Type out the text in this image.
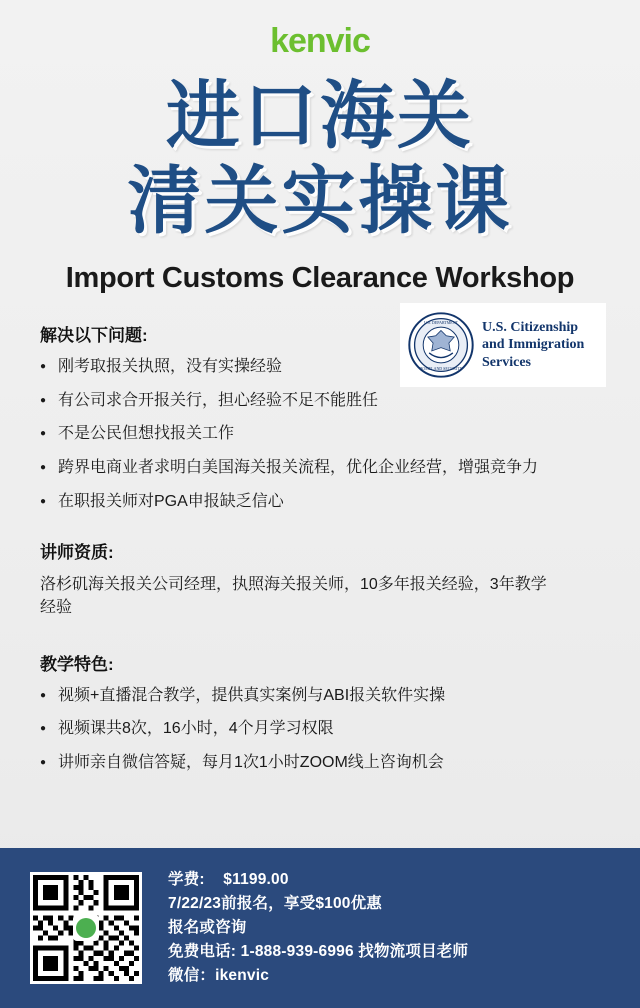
kenvic
进口海关
清关实操课
Import Customs Clearance Workshop
U.S. DEPARTMENT
HOMELAND SECURITY
U.S. Citizenship
and Immigration
Services
解决以下问题:
● 刚考取报关执照，没有实操经验
● 有公司求合开报关行，担心经验不足不能胜任
● 不是公民但想找报关工作
● 跨界电商业者求明白美国海关报关流程，优化企业经营，增强竞争力
● 在职报关师对PGA申报缺乏信心
讲师资质:
洛杉矶海关报关公司经理，执照海关报关师，10多年报关经验，3年教学经验
教学特色:
● 视频+直播混合教学，提供真实案例与ABI报关软件实操
● 视频课共8次，16小时，4个月学习权限
● 讲师亲自微信答疑，每月1次1小时ZOOM线上咨询机会
学费: $1199.00
7/22/23前报名，享受$100优惠
报名或咨询
免费电话: 1-888-939-6996 找物流项目老师
微信：ikenvic
